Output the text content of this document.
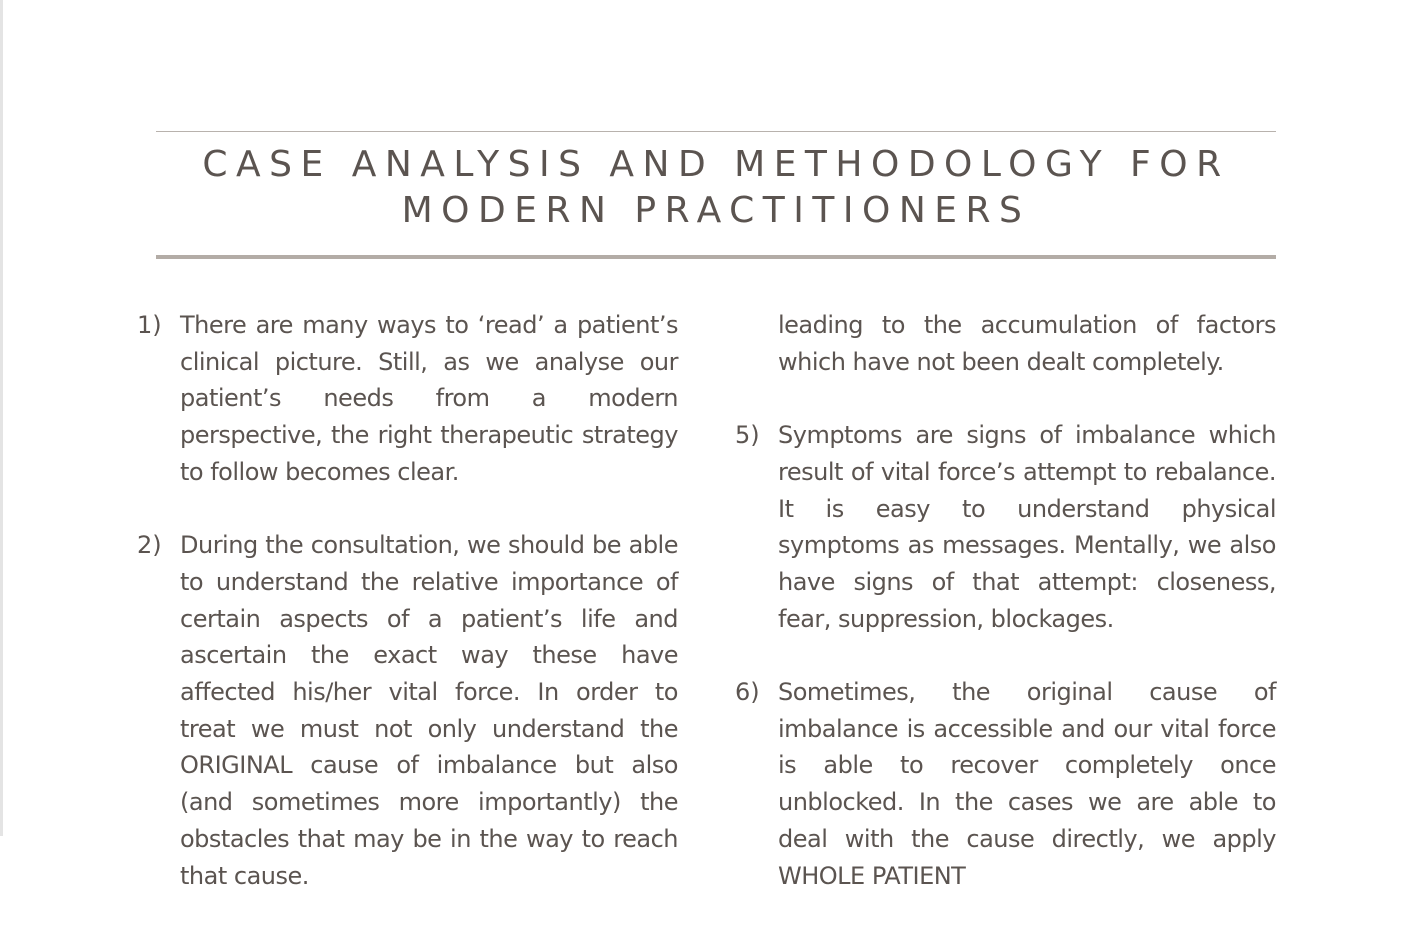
CASE ANALYSIS AND METHODOLOGY FOR
MODERN PRACTITIONERS
1) There are many ways to ‘read’ a patient’s clinical picture. Still, as we analyse our patient’s needs from a modern perspective, the right therapeutic strategy to follow becomes clear.
2) During the consultation, we should be able to understand the relative importance of certain aspects of a patient’s life and ascertain the exact way these have affected his/her vital force. In order to treat we must not only understand the ORIGINAL cause of imbalance but also (and sometimes more importantly) the obstacles that may be in the way to reach that cause.
leading to the accumulation of factors which have not been dealt completely.
5) Symptoms are signs of imbalance which result of vital force’s attempt to rebalance. It is easy to understand physical symptoms as messages. Mentally, we also have signs of that attempt: closeness, fear, suppression, blockages.
6) Sometimes, the original cause of imbalance is accessible and our vital force is able to recover completely once unblocked. In the cases we are able to deal with the cause directly, we apply WHOLE PATIENT
